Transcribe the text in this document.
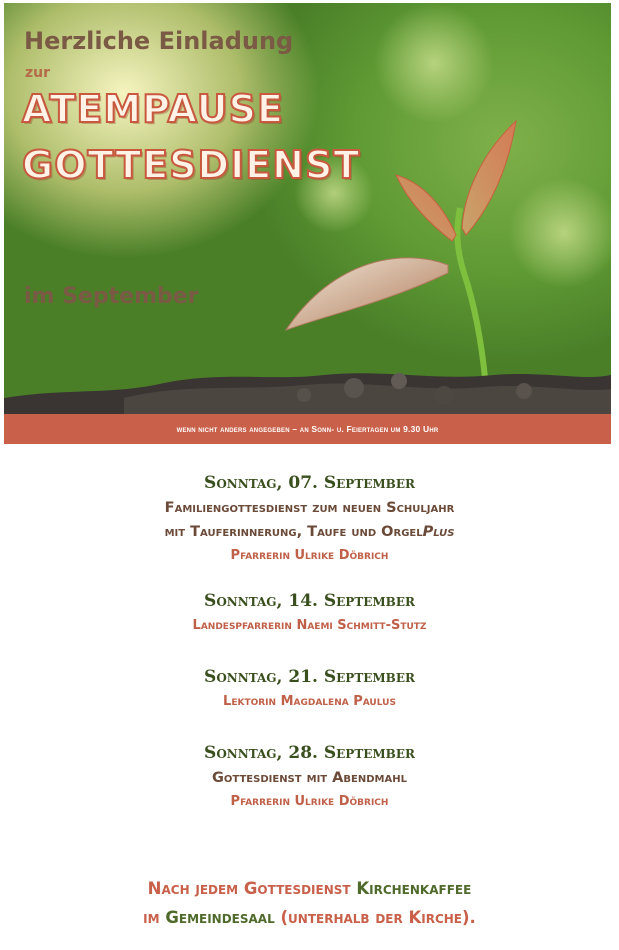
Herzliche Einladung
zur
ATEMPAUSE
GOTTESDIENST
im September
wenn nicht anders angegeben – an Sonn- u. Feiertagen um 9.30 Uhr
Sonntag, 07. September
Familiengottesdienst zum neuen Schuljahr
mit Tauferinnerung, Taufe und OrgelPlus
Pfarrerin Ulrike Döbrich
Sonntag, 14. September
Landespfarrerin Naemi Schmitt-Stutz
Sonntag, 21. September
Lektorin Magdalena Paulus
Sonntag, 28. September
Gottesdienst mit Abendmahl
Pfarrerin Ulrike Döbrich
Nach jedem Gottesdienst Kirchenkaffee
im Gemeindesaal (unterhalb der Kirche).
